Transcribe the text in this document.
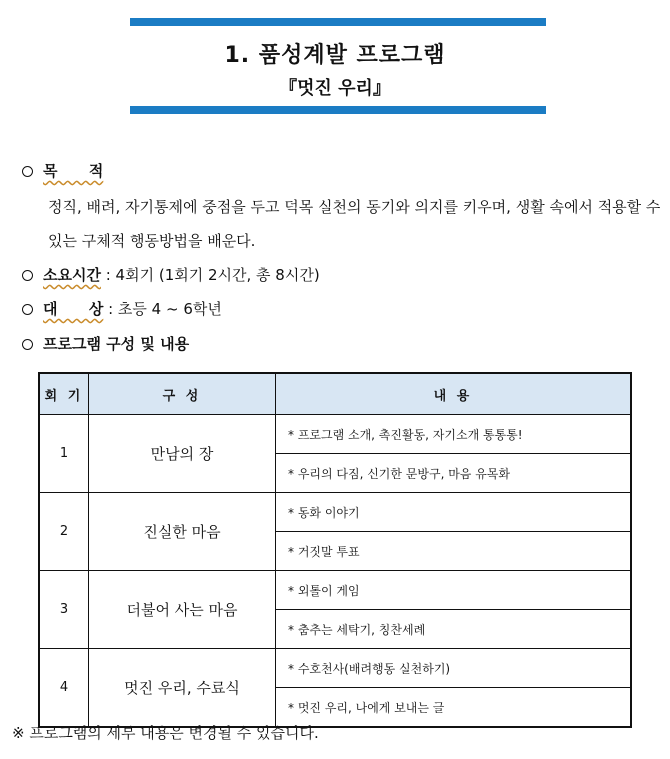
1. 품성계발 프로그램
『멋진 우리』
목      적
정직, 배려, 자기통제에 중점을 두고 덕목 실천의 동기와 의지를 키우며, 생활 속에서 적용할 수 있는 구체적 행동방법을 배운다.
소요시간 : 4회기 (1회기 2시간, 총 8시간)
대      상 : 초등 4 ~ 6학년
프로그램 구성 및 내용
회 기	구 성	내 용
1	만남의 장	* 프로그램 소개, 촉진활동, 자기소개 통통통!
		* 우리의 다짐, 신기한 문방구, 마음 유목화
2	진실한 마음	* 동화 이야기
		* 거짓말 투표
3	더불어 사는 마음	* 외톨이 게임
		* 춤추는 세탁기, 칭찬세례
4	멋진 우리, 수료식	* 수호천사(배려행동 실천하기)
		* 멋진 우리, 나에게 보내는 글
※ 프로그램의 세부 내용은 변경될 수 있습니다.
